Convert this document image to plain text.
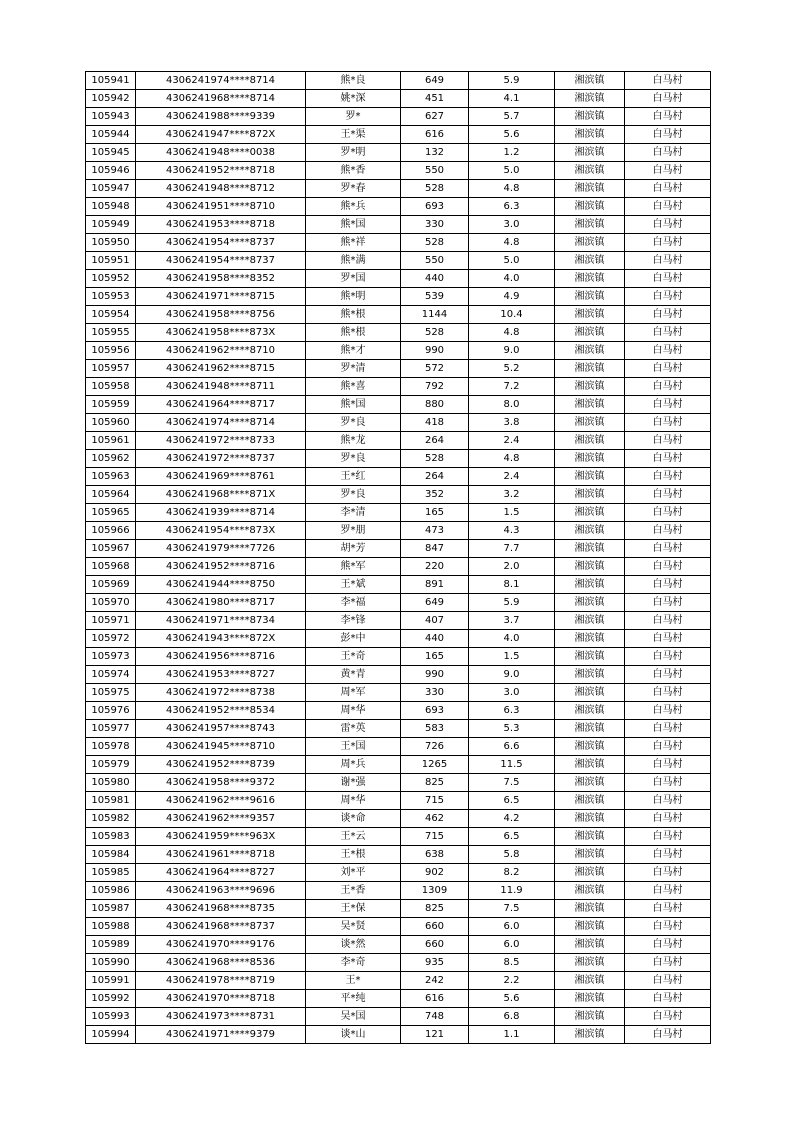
105941	4306241974****8714	熊*良	649	5.9	湘滨镇	白马村
105942	4306241968****8714	姚*深	451	4.1	湘滨镇	白马村
105943	4306241988****9339	罗*	627	5.7	湘滨镇	白马村
105944	4306241947****872X	王*渠	616	5.6	湘滨镇	白马村
105945	4306241948****0038	罗*明	132	1.2	湘滨镇	白马村
105946	4306241952****8718	熊*香	550	5.0	湘滨镇	白马村
105947	4306241948****8712	罗*春	528	4.8	湘滨镇	白马村
105948	4306241951****8710	熊*兵	693	6.3	湘滨镇	白马村
105949	4306241953****8718	熊*国	330	3.0	湘滨镇	白马村
105950	4306241954****8737	熊*祥	528	4.8	湘滨镇	白马村
105951	4306241954****8737	熊*满	550	5.0	湘滨镇	白马村
105952	4306241958****8352	罗*国	440	4.0	湘滨镇	白马村
105953	4306241971****8715	熊*明	539	4.9	湘滨镇	白马村
105954	4306241958****8756	熊*根	1144	10.4	湘滨镇	白马村
105955	4306241958****873X	熊*根	528	4.8	湘滨镇	白马村
105956	4306241962****8710	熊*才	990	9.0	湘滨镇	白马村
105957	4306241962****8715	罗*清	572	5.2	湘滨镇	白马村
105958	4306241948****8711	熊*喜	792	7.2	湘滨镇	白马村
105959	4306241964****8717	熊*国	880	8.0	湘滨镇	白马村
105960	4306241974****8714	罗*良	418	3.8	湘滨镇	白马村
105961	4306241972****8733	熊*龙	264	2.4	湘滨镇	白马村
105962	4306241972****8737	罗*良	528	4.8	湘滨镇	白马村
105963	4306241969****8761	王*红	264	2.4	湘滨镇	白马村
105964	4306241968****871X	罗*良	352	3.2	湘滨镇	白马村
105965	4306241939****8714	李*清	165	1.5	湘滨镇	白马村
105966	4306241954****873X	罗*朋	473	4.3	湘滨镇	白马村
105967	4306241979****7726	胡*芳	847	7.7	湘滨镇	白马村
105968	4306241952****8716	熊*军	220	2.0	湘滨镇	白马村
105969	4306241944****8750	王*斌	891	8.1	湘滨镇	白马村
105970	4306241980****8717	李*福	649	5.9	湘滨镇	白马村
105971	4306241971****8734	李*锋	407	3.7	湘滨镇	白马村
105972	4306241943****872X	彭*中	440	4.0	湘滨镇	白马村
105973	4306241956****8716	王*奇	165	1.5	湘滨镇	白马村
105974	4306241953****8727	黄*青	990	9.0	湘滨镇	白马村
105975	4306241972****8738	周*军	330	3.0	湘滨镇	白马村
105976	4306241952****8534	周*华	693	6.3	湘滨镇	白马村
105977	4306241957****8743	雷*英	583	5.3	湘滨镇	白马村
105978	4306241945****8710	王*国	726	6.6	湘滨镇	白马村
105979	4306241952****8739	周*兵	1265	11.5	湘滨镇	白马村
105980	4306241958****9372	谢*强	825	7.5	湘滨镇	白马村
105981	4306241962****9616	周*华	715	6.5	湘滨镇	白马村
105982	4306241962****9357	谈*命	462	4.2	湘滨镇	白马村
105983	4306241959****963X	王*云	715	6.5	湘滨镇	白马村
105984	4306241961****8718	王*根	638	5.8	湘滨镇	白马村
105985	4306241964****8727	刘*平	902	8.2	湘滨镇	白马村
105986	4306241963****9696	王*香	1309	11.9	湘滨镇	白马村
105987	4306241968****8735	王*保	825	7.5	湘滨镇	白马村
105988	4306241968****8737	吴*贤	660	6.0	湘滨镇	白马村
105989	4306241970****9176	谈*然	660	6.0	湘滨镇	白马村
105990	4306241968****8536	李*奇	935	8.5	湘滨镇	白马村
105991	4306241978****8719	王*	242	2.2	湘滨镇	白马村
105992	4306241970****8718	平*纯	616	5.6	湘滨镇	白马村
105993	4306241973****8731	吴*国	748	6.8	湘滨镇	白马村
105994	4306241971****9379	谈*山	121	1.1	湘滨镇	白马村
